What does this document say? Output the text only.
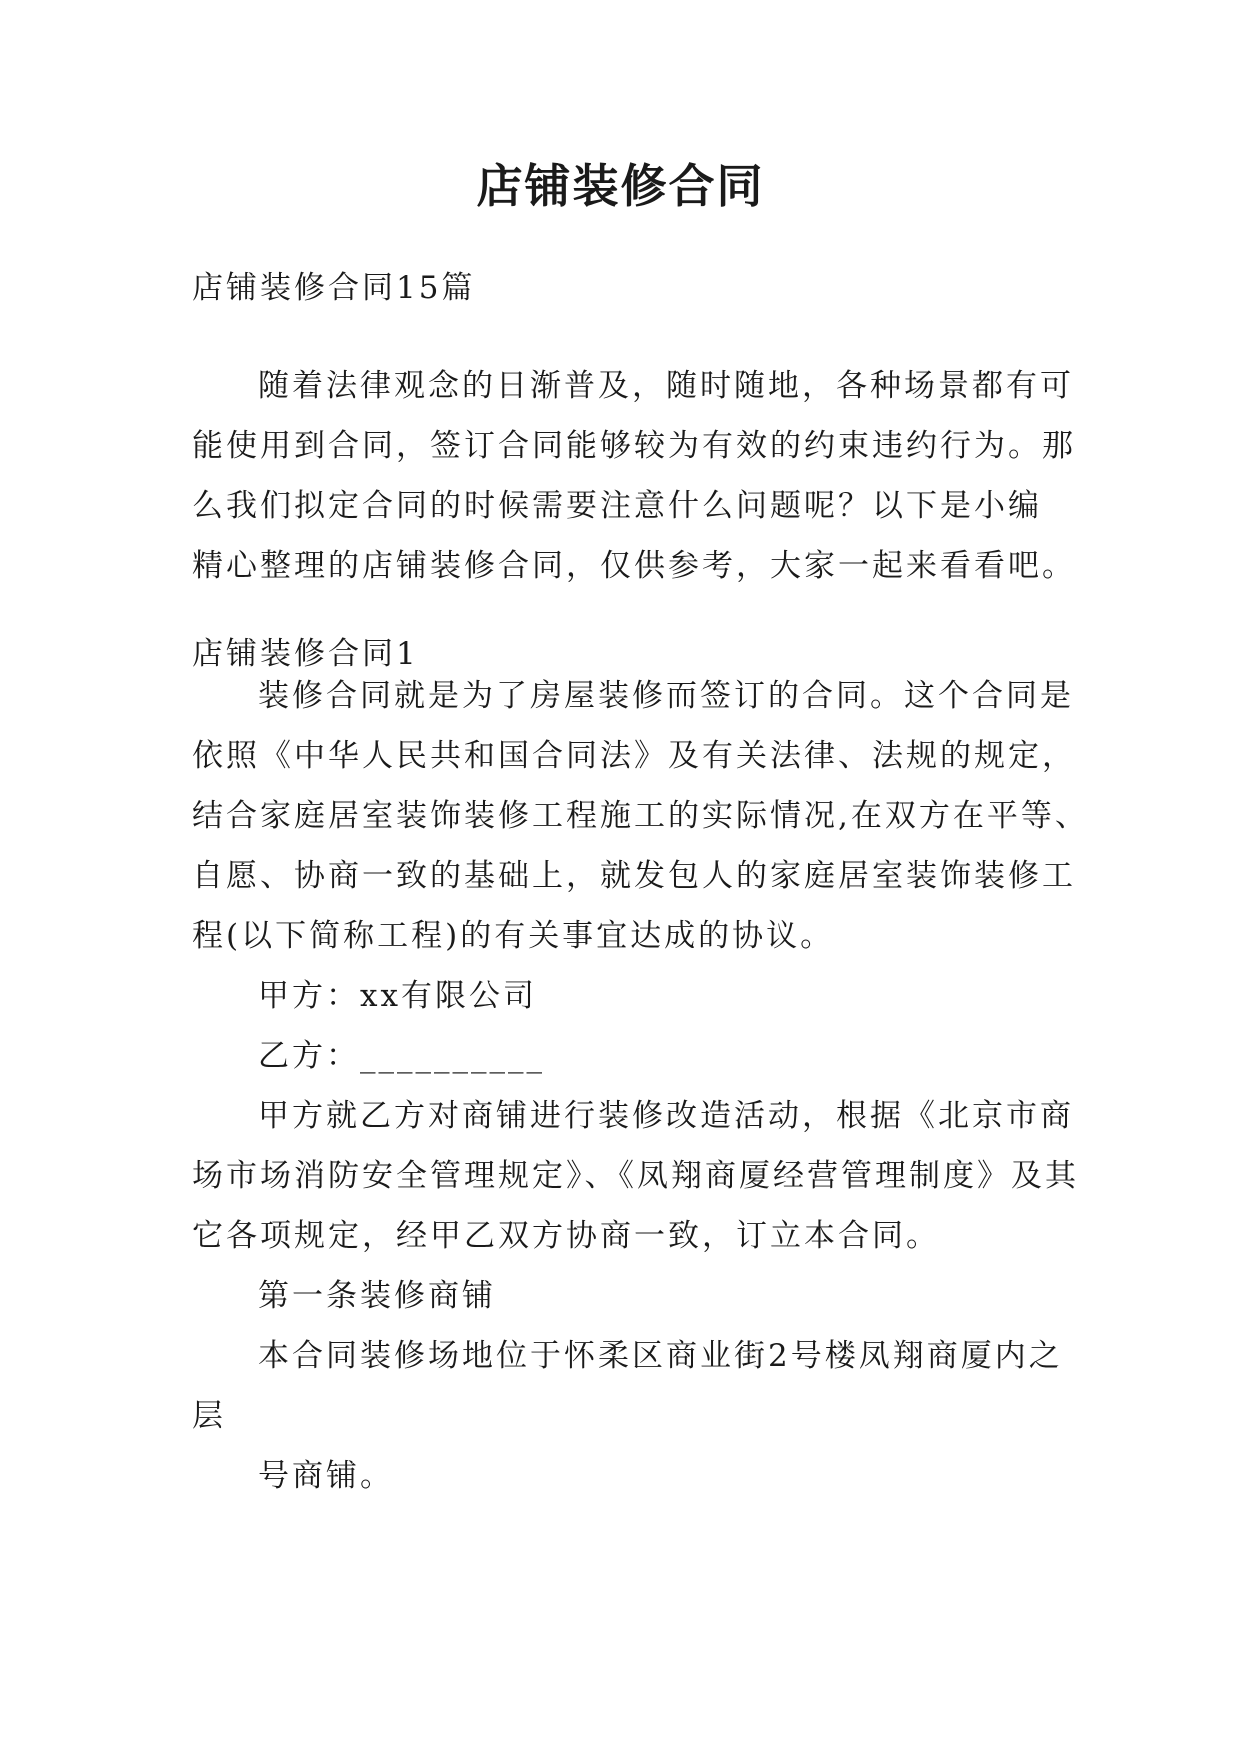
店铺装修合同
店铺装修合同15篇
随着法律观念的日渐普及，随时随地，各种场景都有可
能使用到合同，签订合同能够较为有效的约束违约行为。那
么我们拟定合同的时候需要注意什么问题呢？以下是小编
精心整理的店铺装修合同，仅供参考，大家一起来看看吧。
店铺装修合同1
装修合同就是为了房屋装修而签订的合同。这个合同是
依照《中华人民共和国合同法》及有关法律、法规的规定，
结合家庭居室装饰装修工程施工的实际情况,在双方在平等、
自愿、协商一致的基础上，就发包人的家庭居室装饰装修工
程(以下简称工程)的有关事宜达成的协议。
甲方：xx有限公司
乙方：__________
甲方就乙方对商铺进行装修改造活动，根据《北京市商
场市场消防安全管理规定》、《凤翔商厦经营管理制度》及其
它各项规定，经甲乙双方协商一致，订立本合同。
第一条装修商铺
本合同装修场地位于怀柔区商业街2号楼凤翔商厦内之
层
号商铺。
